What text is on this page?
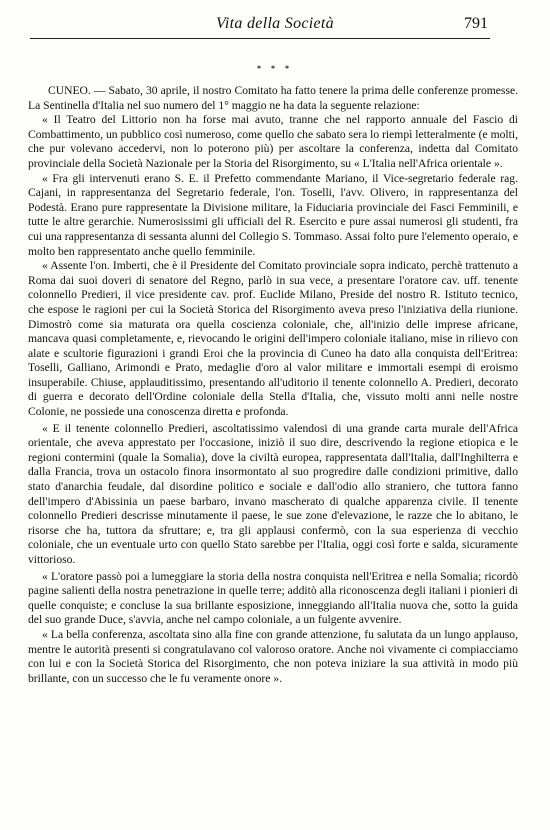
Vita della Società	791
* * *

CUNEO. — Sabato, 30 aprile, il nostro Comitato ha fatto tenere la prima delle conferenze promesse. La Sentinella d'Italia nel suo numero del 1° maggio ne ha data la seguente relazione:

« Il Teatro del Littorio non ha forse mai avuto, tranne che nel rapporto annuale del Fascio di Combattimento, un pubblico così numeroso, come quello che sabato sera lo riempì letteralmente (e molti, che pur volevano accedervi, non lo poterono più) per ascoltare la conferenza, indetta dal Comitato provinciale della Società Nazionale per la Storia del Risorgimento, su « L'Italia nell'Africa orientale ».

« Fra gli intervenuti erano S. E. il Prefetto commendante Mariano, il Vice-segretario federale rag. Cajani, in rappresentanza del Segretario federale, l'on. Toselli, l'avv. Olivero, in rappresentanza del Podestà. Erano pure rappresentate la Divisione militare, la Fiduciaria provinciale dei Fasci Femminili, e tutte le altre gerarchie. Numerosissimi gli ufficiali del R. Esercito e pure assai numerosi gli studenti, fra cui una rappresentanza di sessanta alunni del Collegio S. Tommaso. Assai folto pure l'elemento operaio, e molto ben rappresentato anche quello femminile.

« Assente l'on. Imberti, che è il Presidente del Comitato provinciale sopra indicato, perchè trattenuto a Roma dai suoi doveri di senatore del Regno, parlò in sua vece, a presentare l'oratore cav. uff. tenente colonnello Predieri, il vice presidente cav. prof. Euclide Milano, Preside del nostro R. Istituto tecnico, che espose le ragioni per cui la Società Storica del Risorgimento aveva preso l'iniziativa della riunione. Dimostrò come sia maturata ora quella coscienza coloniale, che, all'inizio delle imprese africane, mancava quasi completamente, e, rievocando le origini dell'impero coloniale italiano, mise in rilievo con alate e scultorie figurazioni i grandi Eroi che la provincia di Cuneo ha dato alla conquista dell'Eritrea: Toselli, Galliano, Arimondi e Prato, medaglie d'oro al valor militare e immortali esempi di eroismo insuperabile. Chiuse, applauditissimo, presentando all'uditorio il tenente colonnello A. Predieri, decorato di guerra e decorato dell'Ordine coloniale della Stella d'Italia, che, vissuto molti anni nelle nostre Colonie, ne possiede una conoscenza diretta e profonda.

« E il tenente colonnello Predieri, ascoltatissimo valendosi di una grande carta murale dell'Africa orientale, che aveva apprestato per l'occasione, iniziò il suo dire, descrivendo la regione etiopica e le regioni contermini (quale la Somalia), dove la civiltà europea, rappresentata dall'Italia, dall'Inghilterra e dalla Francia, trova un ostacolo finora insormontato al suo progredire dalle condizioni primitive, dallo stato d'anarchia feudale, dal disordine politico e sociale e dall'odio allo straniero, che tuttora fanno dell'impero d'Abissinia un paese barbaro, invano mascherato di qualche apparenza civile. Il tenente colonnello Predieri descrisse minutamente il paese, le sue zone d'elevazione, le razze che lo abitano, le risorse che ha, tuttora da sfruttare; e, tra gli applausi confermò, con la sua esperienza di vecchio coloniale, che un eventuale urto con quello Stato sarebbe per l'Italia, oggi così forte e salda, sicuramente vittorioso.

« L'oratore passò poi a lumeggiare la storia della nostra conquista nell'Eritrea e nella Somalia; ricordò pagine salienti della nostra penetrazione in quelle terre; additò alla riconoscenza degli italiani i pionieri di quelle conquiste; e concluse la sua brillante esposizione, inneggiando all'Italia nuova che, sotto la guida del suo grande Duce, s'avvia, anche nel campo coloniale, a un fulgente avvenire.

« La bella conferenza, ascoltata sino alla fine con grande attenzione, fu salutata da un lungo applauso, mentre le autorità presenti si congratulavano col valoroso oratore. Anche noi vivamente ci compiacciamo con lui e con la Società Storica del Risorgimento, che non poteva iniziare la sua attività in modo più brillante, con un successo che le fu veramente onore ».
